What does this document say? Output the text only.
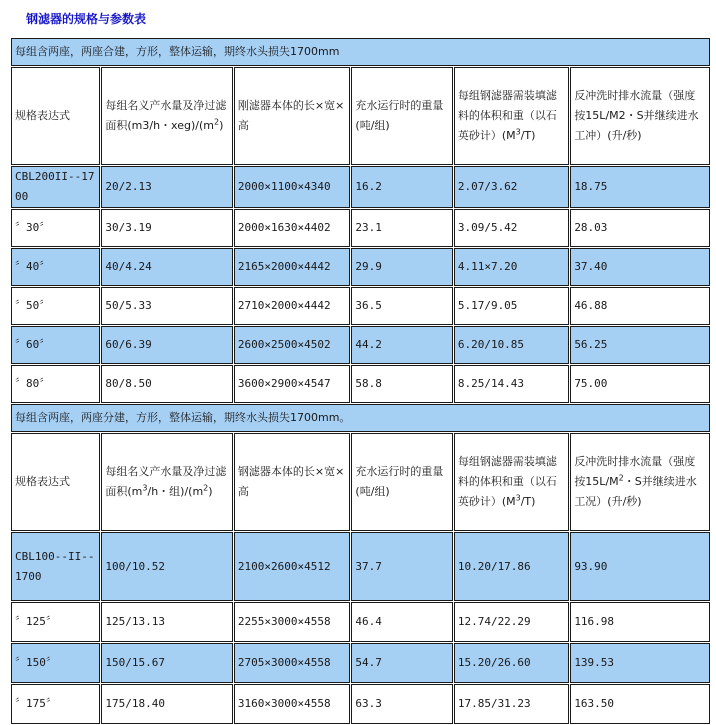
钢滤器的规格与参数表
每组含两座，两座合建，方形，整体运输，期终水头损失1700mm					
规格表达式	每组名义产水量及净过滤面积(m3/h・$xeg)/(m^2)$	刚滤器本体的长×宽×高	充水运行时的重量(吨/组)	每组钢滤器需装填滤料的体积和重（以石英砂计）$(M^3/T)$	反冲洗时排水流量（强度按15L/M2・S并继续进水工冲）(升/秒)
CBL200II--1700	20/2.13	2000×1100×4340	16.2	2.07/3.62	18.75
〞30〞	30/3.19	2000×1630×4402	23.1	3.09/5.42	28.03
〞40〞	40/4.24	2165×2000×4442	29.9	4.11×7.20	37.40
〞50〞	50/5.33	2710×2000×4442	36.5	5.17/9.05	46.88
〞60〞	60/6.39	2600×2500×4502	44.2	6.20/10.85	56.25
〞80〞	80/8.50	3600×2900×4547	58.8	8.25/14.43	75.00
每组含两座，两座分建，方形，整体运输，期终水头损失1700mm。					
规格表达式	每组名义产水量及净过滤面积($m^3/h$・组)$/(m^2)$	钢滤器本体的长×宽×高	充水运行时的重量(吨/组)	每组钢滤器需装填滤料的体积和重（以石英砂计）$(M^3/T)$	反冲洗时排水流量（强度按$15L/M^2$・S并继续进水工况）(升/秒)
CBL100--II--1700	100/10.52	2100×2600×4512	37.7	10.20/17.86	93.90
〞125〞	125/13.13	2255×3000×4558	46.4	12.74/22.29	116.98
〞150〞	150/15.67	2705×3000×4558	54.7	15.20/26.60	139.53
〞175〞	175/18.40	3160×3000×4558	63.3	17.85/31.23	163.50
